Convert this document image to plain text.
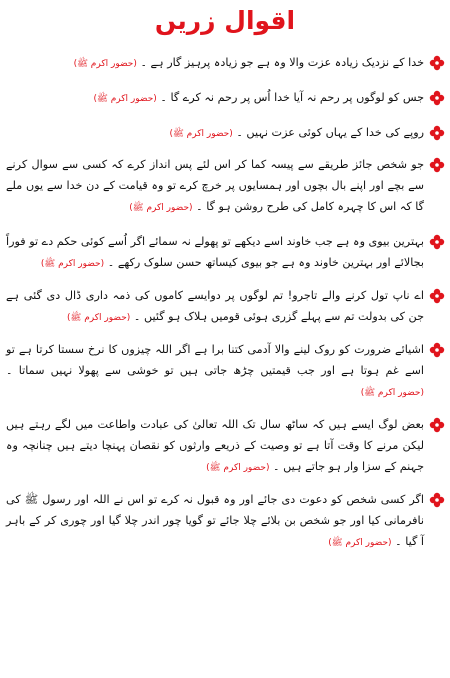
اقوال زریں
خدا کے نزدیک زیادہ عزت والا وہ ہے جو زیادہ پرہیز گار ہے ۔ (حضور اکرم ﷺ)
جس کو لوگوں پر رحم نہ آیا خدا اُس پر رحم نہ کرے گا ۔ (حضور اکرم ﷺ)
روپے کی خدا کے یہاں کوئی عزت نہیں ۔ (حضور اکرم ﷺ)
جو شخص جائز طریقے سے پیسہ کما کر اس لئے پس انداز کرے کہ کسی سے سوال کرنے سے بچے اور اپنے بال بچوں اور ہمسایوں پر خرچ کرے تو وہ قیامت کے دن خدا سے یوں ملے گا کہ اس کا چہرہ کامل کی طرح روشن ہو گا ۔ (حضور اکرم ﷺ)
بہترین بیوی وہ ہے جب خاوند اسے دیکھے تو پھولے نہ سمائے اگر اُسے کوئی حکم دے تو فوراً بجالائے اور بہترین خاوند وہ ہے جو بیوی کیساتھ حسن سلوک رکھے ۔ (حضور اکرم ﷺ)
اے ناپ تول کرنے والے تاجرو! تم لوگوں پر دوایسے کاموں کی ذمہ داری ڈال دی گئی ہے جن کی بدولت تم سے پہلے گزری ہوئی قومیں ہلاک ہو گئیں ۔ (حضور اکرم ﷺ)
اشیائے ضرورت کو روک لینے والا آدمی کتنا برا ہے اگر اللہ چیزوں کا نرخ سستا کرتا ہے تو اسے غم ہوتا ہے اور جب قیمتیں چڑھ جاتی ہیں تو خوشی سے پھولا نہیں سماتا ۔ (حضور اکرم ﷺ)
بعض لوگ ایسے ہیں کہ ساٹھ سال تک اللہ تعالیٰ کی عبادت واطاعت میں لگے رہتے ہیں لیکن مرنے کا وقت آتا ہے تو وصیت کے ذریعے وارثوں کو نقصان پہنچا دیتے ہیں چنانچہ وہ جہنم کے سزا وار ہو جاتے ہیں ۔ (حضور اکرم ﷺ)
اگر کسی شخص کو دعوت دی جائے اور وہ قبول نہ کرے تو اس نے اللہ اور رسول ﷺ کی نافرمانی کیا اور جو شخص بن بلائے چلا جائے تو گویا چور اندر چلا گیا اور چوری کر کے باہر آ گیا ۔ (حضور اکرم ﷺ)
